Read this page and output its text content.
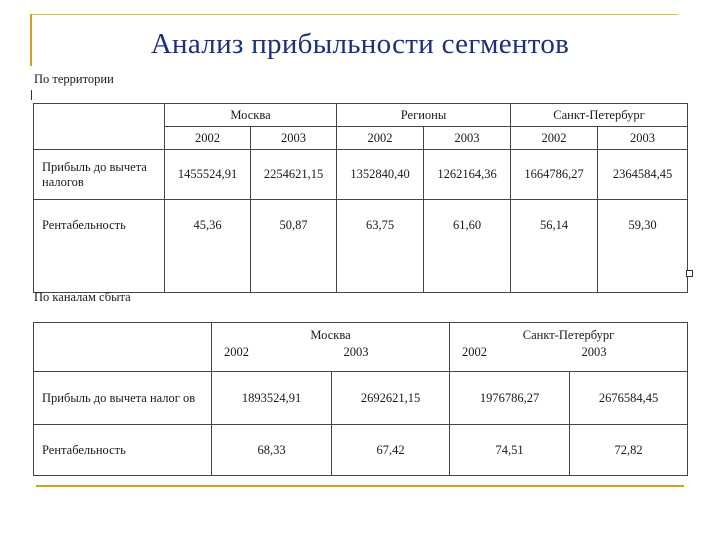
Анализ прибыльности сегментов
По территории
	Москва		Регионы		Санкт-Петербург	
	2002	2003	2002	2003	2002	2003
Прибыль до вычета налогов	1455524,91	2254621,15	1352840,40	1262164,36	1664786,27	2364584,45
Рентабельность	45,36	50,87	63,75	61,60	56,14	59,30
По каналам сбыта
	Москва		Санкт-Петербург	
	2002	2003	2002	2003
Прибыль до вычета налог ов	1893524,91	2692621,15	1976786,27	2676584,45
Рентабельность	68,33	67,42	74,51	72,82
